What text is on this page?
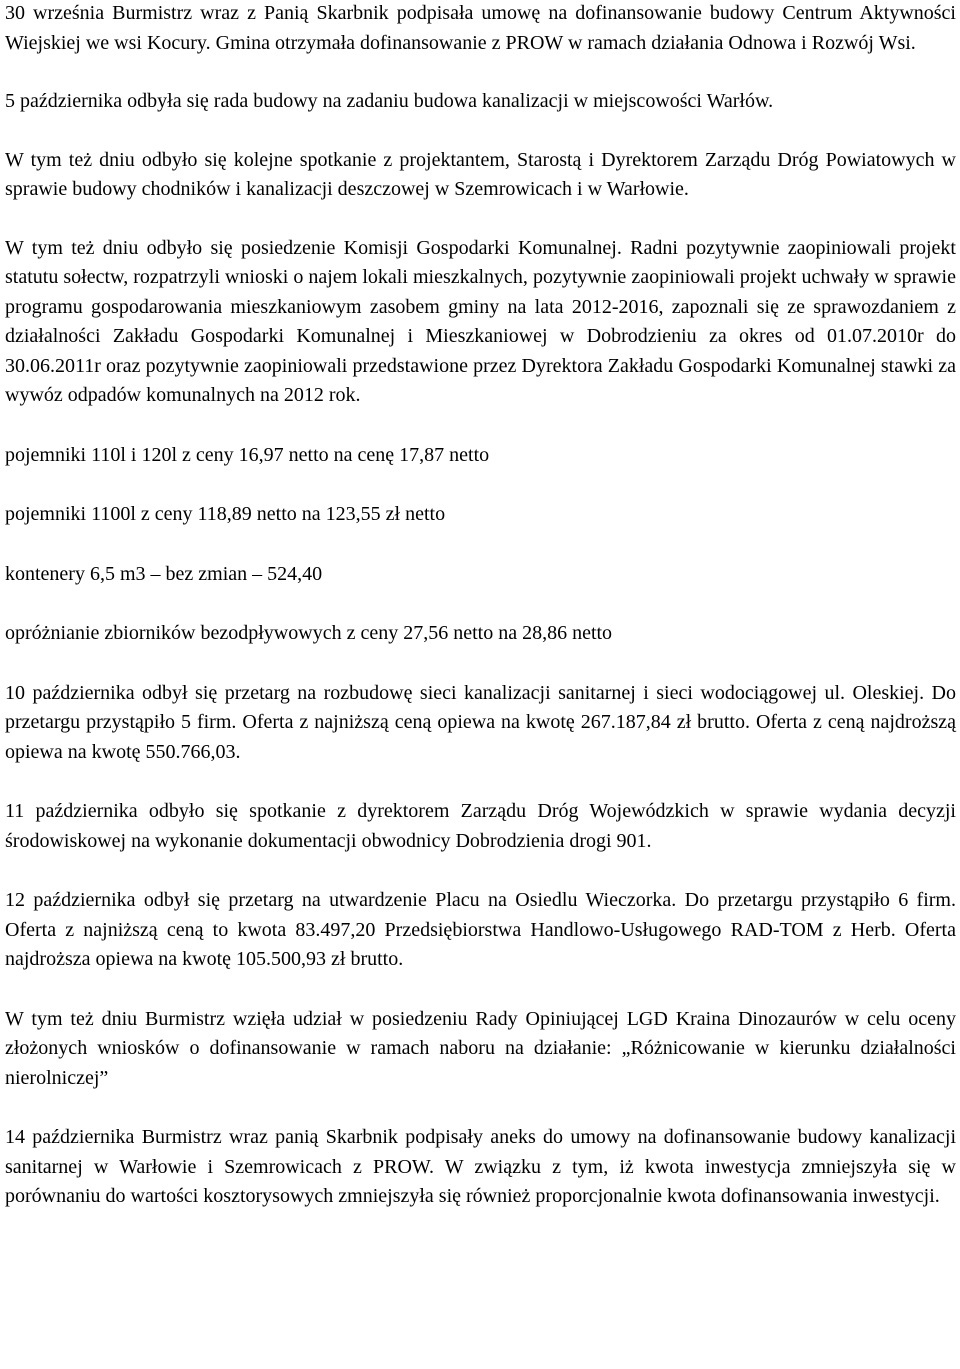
30 września Burmistrz wraz z Panią Skarbnik podpisała umowę na dofinansowanie budowy Centrum Aktywności Wiejskiej we wsi Kocury. Gmina otrzymała dofinansowanie z PROW w ramach działania Odnowa i Rozwój Wsi.

5 października odbyła się rada budowy na zadaniu budowa kanalizacji w miejscowości Warłów.

W tym też dniu odbyło się kolejne spotkanie z projektantem, Starostą i Dyrektorem Zarządu Dróg Powiatowych w sprawie budowy chodników i kanalizacji deszczowej w Szemrowicach i w Warłowie.

W tym też dniu odbyło się posiedzenie Komisji Gospodarki Komunalnej. Radni pozytywnie zaopiniowali projekt statutu sołectw, rozpatrzyli wnioski o najem lokali mieszkalnych, pozytywnie zaopiniowali projekt uchwały w sprawie programu gospodarowania mieszkaniowym zasobem gminy na lata 2012-2016, zapoznali się ze sprawozdaniem z działalności Zakładu Gospodarki Komunalnej i Mieszkaniowej w Dobrodzieniu za okres od 01.07.2010r do 30.06.2011r oraz pozytywnie zaopiniowali przedstawione przez Dyrektora Zakładu Gospodarki Komunalnej stawki za wywóz odpadów komunalnych na 2012 rok.

pojemniki 110l i 120l z ceny 16,97 netto na cenę 17,87 netto

pojemniki 1100l z ceny 118,89 netto na 123,55 zł netto

kontenery 6,5 m3 – bez zmian – 524,40

opróżnianie zbiorników bezodpływowych z ceny 27,56 netto na 28,86 netto

10 października odbył się przetarg na rozbudowę sieci kanalizacji sanitarnej i sieci wodociągowej ul. Oleskiej. Do przetargu przystąpiło 5 firm. Oferta z najniższą ceną opiewa na kwotę 267.187,84 zł brutto. Oferta z ceną najdroższą opiewa na kwotę 550.766,03.

11 października odbyło się spotkanie z dyrektorem Zarządu Dróg Wojewódzkich w sprawie wydania decyzji środowiskowej na wykonanie dokumentacji obwodnicy Dobrodzienia drogi 901.

12 października odbył się przetarg na utwardzenie Placu na Osiedlu Wieczorka. Do przetargu przystąpiło 6 firm. Oferta z najniższą ceną to kwota 83.497,20 Przedsiębiorstwa Handlowo-Usługowego RAD-TOM z Herb. Oferta najdroższa opiewa na kwotę 105.500,93 zł brutto.

W tym też dniu Burmistrz wzięła udział w posiedzeniu Rady Opiniującej LGD Kraina Dinozaurów w celu oceny złożonych wniosków o dofinansowanie w ramach naboru na działanie: „Różnicowanie w kierunku działalności nierolniczej”

14 października Burmistrz wraz panią Skarbnik podpisały aneks do umowy na dofinansowanie budowy kanalizacji sanitarnej w Warłowie i Szemrowicach z PROW. W związku z tym, iż kwota inwestycja zmniejszyła się w porównaniu do wartości kosztorysowych zmniejszyła się również proporcjonalnie kwota dofinansowania inwestycji.
